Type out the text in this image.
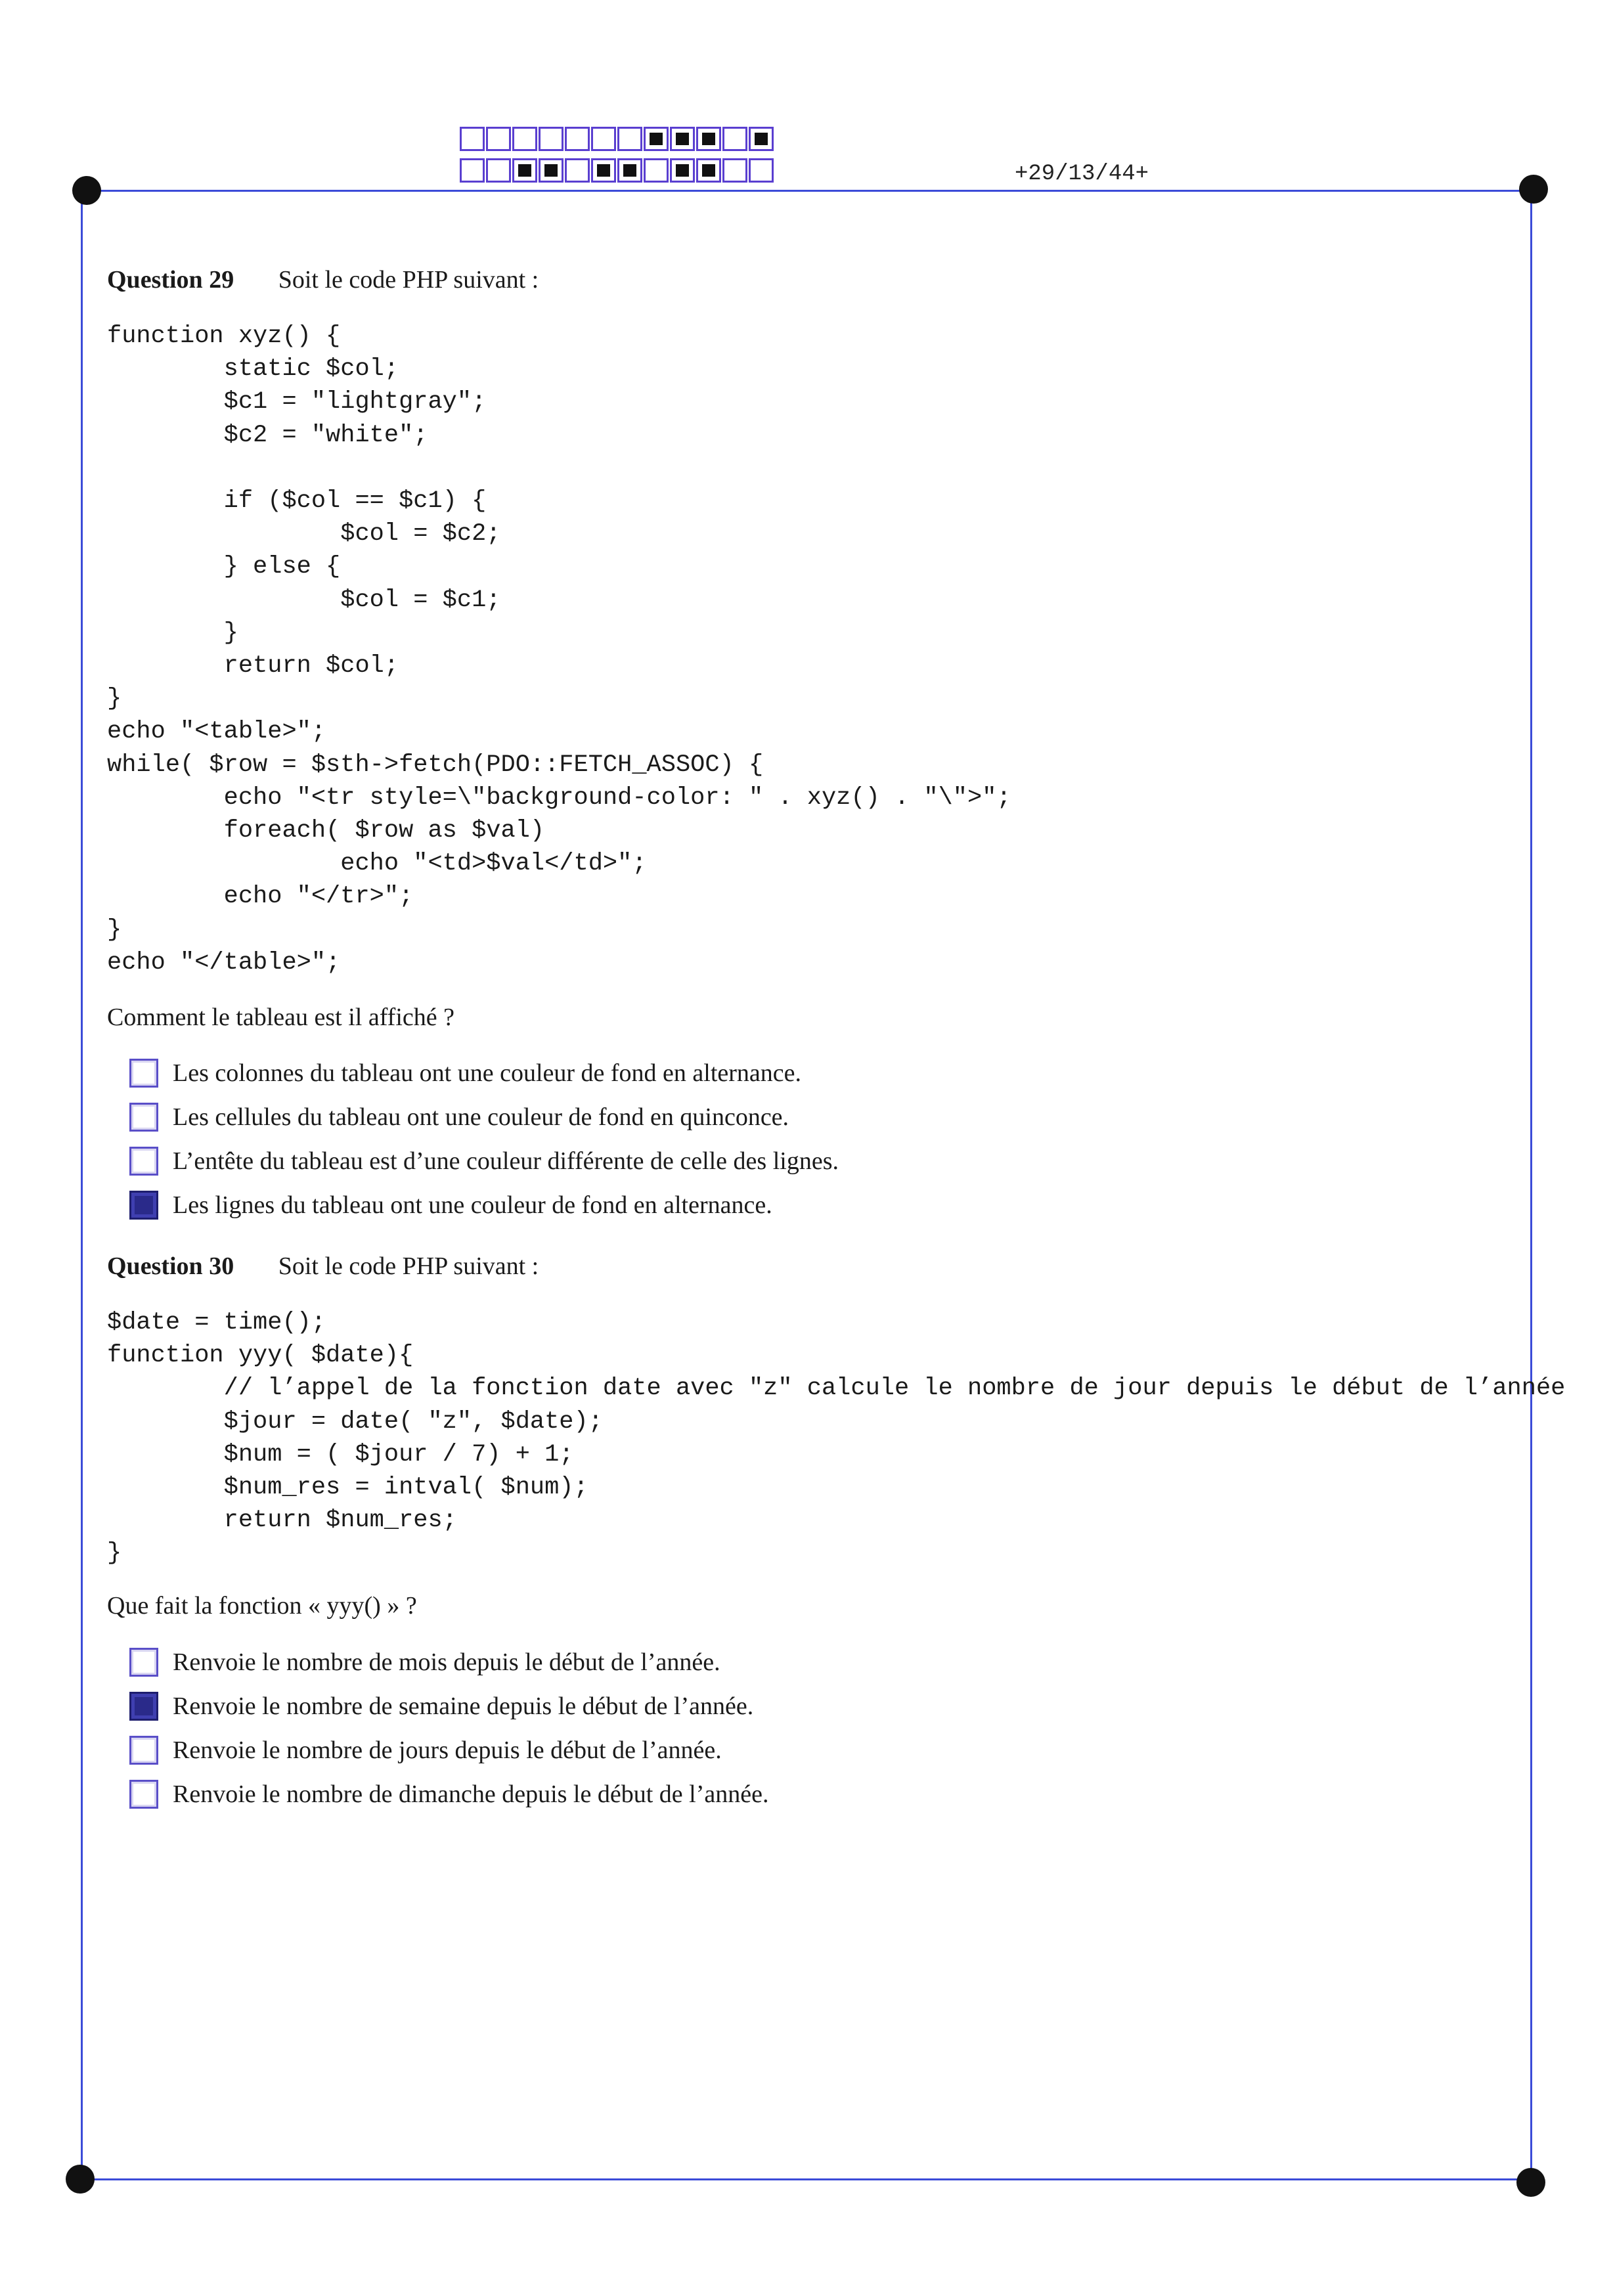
+29/13/44+
Question 29 Soit le code PHP suivant :
function xyz() {
static $col;
$c1 = "lightgray";
$c2 = "white";

if ($col == $c1) {
$col = $c2;
} else {
$col = $c1;
}
return $col;
}
echo "<table>";
while( $row = $sth->fetch(PDO::FETCH_ASSOC) {
echo "<tr style=\"background-color: " . xyz() . "\">";
foreach( $row as $val)
echo "<td>$val</td>";
echo "</tr>";
}
echo "</table>";
Comment le tableau est il affiché ?
Les colonnes du tableau ont une couleur de fond en alternance.
Les cellules du tableau ont une couleur de fond en quinconce.
L’entête du tableau est d’une couleur différente de celle des lignes.
Les lignes du tableau ont une couleur de fond en alternance.
Question 30 Soit le code PHP suivant :
$date = time();
function yyy( $date){
// l’appel de la fonction date avec "z" calcule le nombre de jour depuis le début de l’année
$jour = date( "z", $date);
$num = ( $jour / 7) + 1;
$num_res = intval( $num);
return $num_res;
}
Que fait la fonction « yyy() » ?
Renvoie le nombre de mois depuis le début de l’année.
Renvoie le nombre de semaine depuis le début de l’année.
Renvoie le nombre de jours depuis le début de l’année.
Renvoie le nombre de dimanche depuis le début de l’année.
